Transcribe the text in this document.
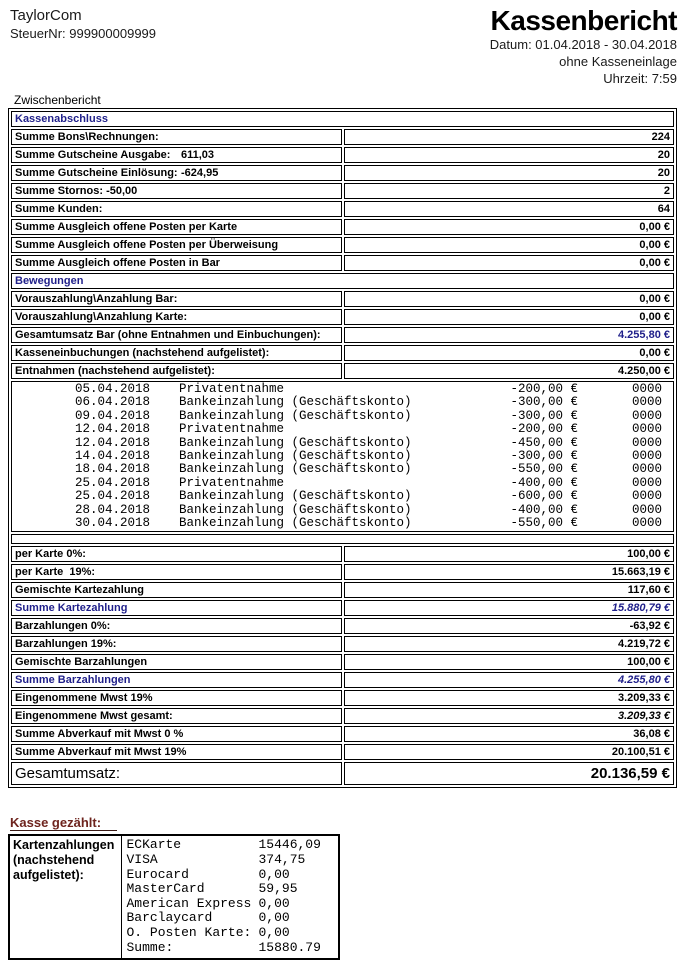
TaylorCom
SteuerNr: 999900009999	Kassenbericht
Datum: 01.04.2018 - 30.04.2018
ohne Kasseneinlage
Uhrzeit: 7:59
Zwischenbericht
Kassenabschluss	
Summe Bons\Rechnungen:	224
Summe Gutscheine Ausgabe: 611,03	20
Summe Gutscheine Einlösung: -624,95	20
Summe Stornos: -50,00	2
Summe Kunden:	64
Summe Ausgleich offene Posten per Karte	0,00 €
Summe Ausgleich offene Posten per Überweisung	0,00 €
Summe Ausgleich offene Posten in Bar	0,00 €
Bewegungen	
Vorauszahlung\Anzahlung Bar:	0,00 €
Vorauszahlung\Anzahlung Karte:	0,00 €
Gesamtumsatz Bar (ohne Entnahmen und Einbuchungen):	4.255,80 €
Kasseneinbuchungen (nachstehend aufgelistet):	0,00 €
Entnahmen (nachstehend aufgelistet):	4.250,00 €

05.04.2018	Privatentnahme	-200,00 €	0000
06.04.2018	Bankeinzahlung (Geschäftskonto)	-300,00 €	0000
09.04.2018	Bankeinzahlung (Geschäftskonto)	-300,00 €	0000
12.04.2018	Privatentnahme	-200,00 €	0000
12.04.2018	Bankeinzahlung (Geschäftskonto)	-450,00 €	0000
14.04.2018	Bankeinzahlung (Geschäftskonto)	-300,00 €	0000
18.04.2018	Bankeinzahlung (Geschäftskonto)	-550,00 €	0000
25.04.2018	Privatentnahme	-400,00 €	0000
25.04.2018	Bankeinzahlung (Geschäftskonto)	-600,00 €	0000
28.04.2018	Bankeinzahlung (Geschäftskonto)	-400,00 €	0000
30.04.2018	Bankeinzahlung (Geschäftskonto)	-550,00 €	0000

per Karte 0%:	100,00 €
per Karte  19%:	15.663,19 €
Gemischte Kartezahlung	117,60 €
Summe Kartezahlung	15.880,79 €
Barzahlungen 0%:	-63,92 €
Barzahlungen 19%:	4.219,72 €
Gemischte Barzahlungen	100,00 €
Summe Barzahlungen	4.255,80 €
Eingenommene Mwst 19%	3.209,33 €
Eingenommene Mwst gesamt:	3.209,33 €
Summe Abverkauf mit Mwst 0 %	36,08 €
Summe Abverkauf mit Mwst 19%	20.100,51 €
Gesamtumsatz:	20.136,59 €
Kasse gezählt:
Kartenzahlungen (nachstehend aufgelistet):	
ECKarte	15446,09
VISA	374,75
Eurocard	0,00
MasterCard	59,95
American Express 0,00
Barclaycard	0,00
O. Posten Karte: 0,00
Summe:	15880.79
